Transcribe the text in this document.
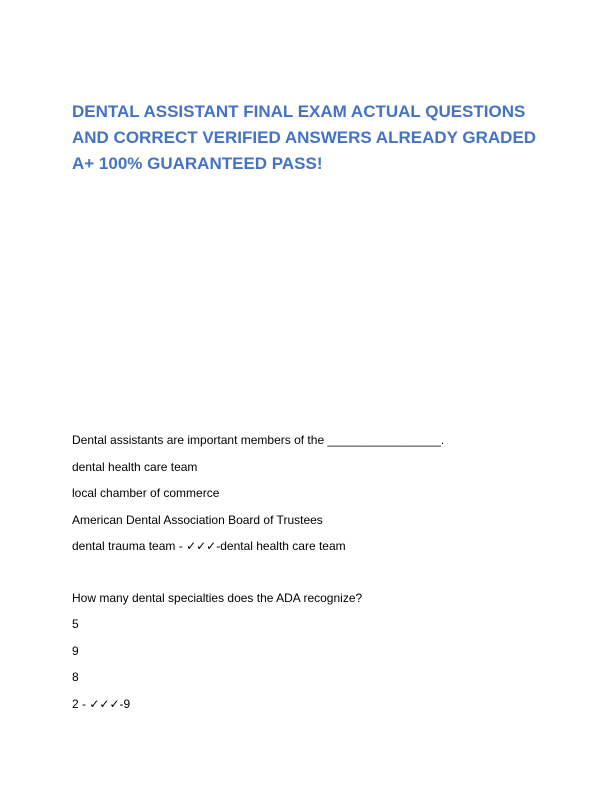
DENTAL ASSISTANT FINAL EXAM ACTUAL QUESTIONS
AND CORRECT VERIFIED ANSWERS ALREADY GRADED
A+ 100% GUARANTEED PASS!
Dental assistants are important members of the _________________.
dental health care team
local chamber of commerce
American Dental Association Board of Trustees
dental trauma team - ✓✓✓-dental health care team
How many dental specialties does the ADA recognize?
5
9
8
2 - ✓✓✓-9
